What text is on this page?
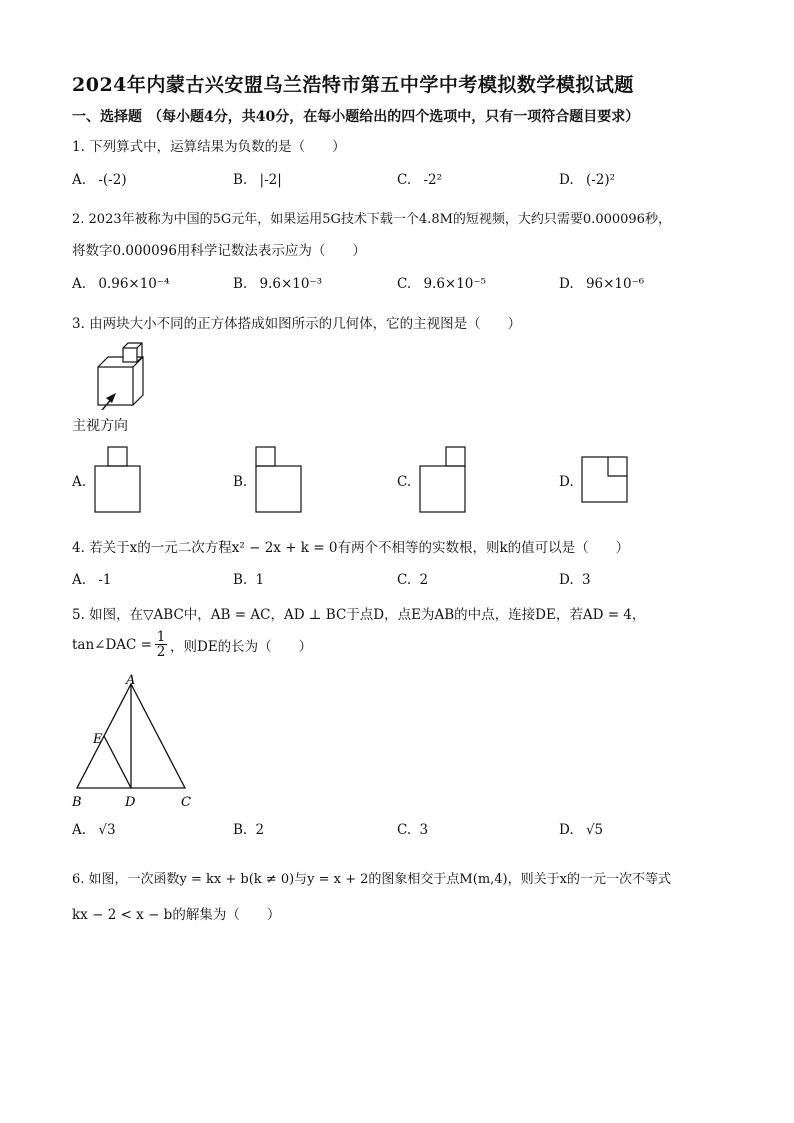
2024年内蒙古兴安盟乌兰浩特市第五中学中考模拟数学模拟试题
一、选择题 （每小题4分，共40分，在每小题给出的四个选项中，只有一项符合题目要求）
1. 下列算式中，运算结果为负数的是（　　）
A. -(-2)	B. |-2|	C. -2²	D. (-2)²
2. 2023年被称为中国的5G元年，如果运用5G技术下载一个4.8M的短视频，大约只需要0.000096秒，
将数字0.000096用科学记数法表示应为（　　）
A. 0.96×10⁻⁴	B. 9.6×10⁻³	C. 9.6×10⁻⁵	D. 96×10⁻⁶
3. 由两块大小不同的正方体搭成如图所示的几何体，它的主视图是（　　）
主视方向
A.	B.	C.	D.
4. 若关于x的一元二次方程x² − 2x + k = 0有两个不相等的实数根，则k的值可以是（　　）
A. -1	B. 1	C. 2	D. 3
5. 如图，在▽ABC中，AB = AC，AD ⊥ BC于点D，点E为AB的中点，连接DE，若AD = 4，
tan∠DAC = 1
2 ，则DE的长为（　　）
A
E
B	D	C
A. √3	B. 2	C. 3	D. √5
6. 如图，一次函数y = kx + b(k ≠ 0)与y = x + 2的图象相交于点M(m,4)，则关于x的一元一次不等式
kx − 2 < x − b的解集为（　　）
